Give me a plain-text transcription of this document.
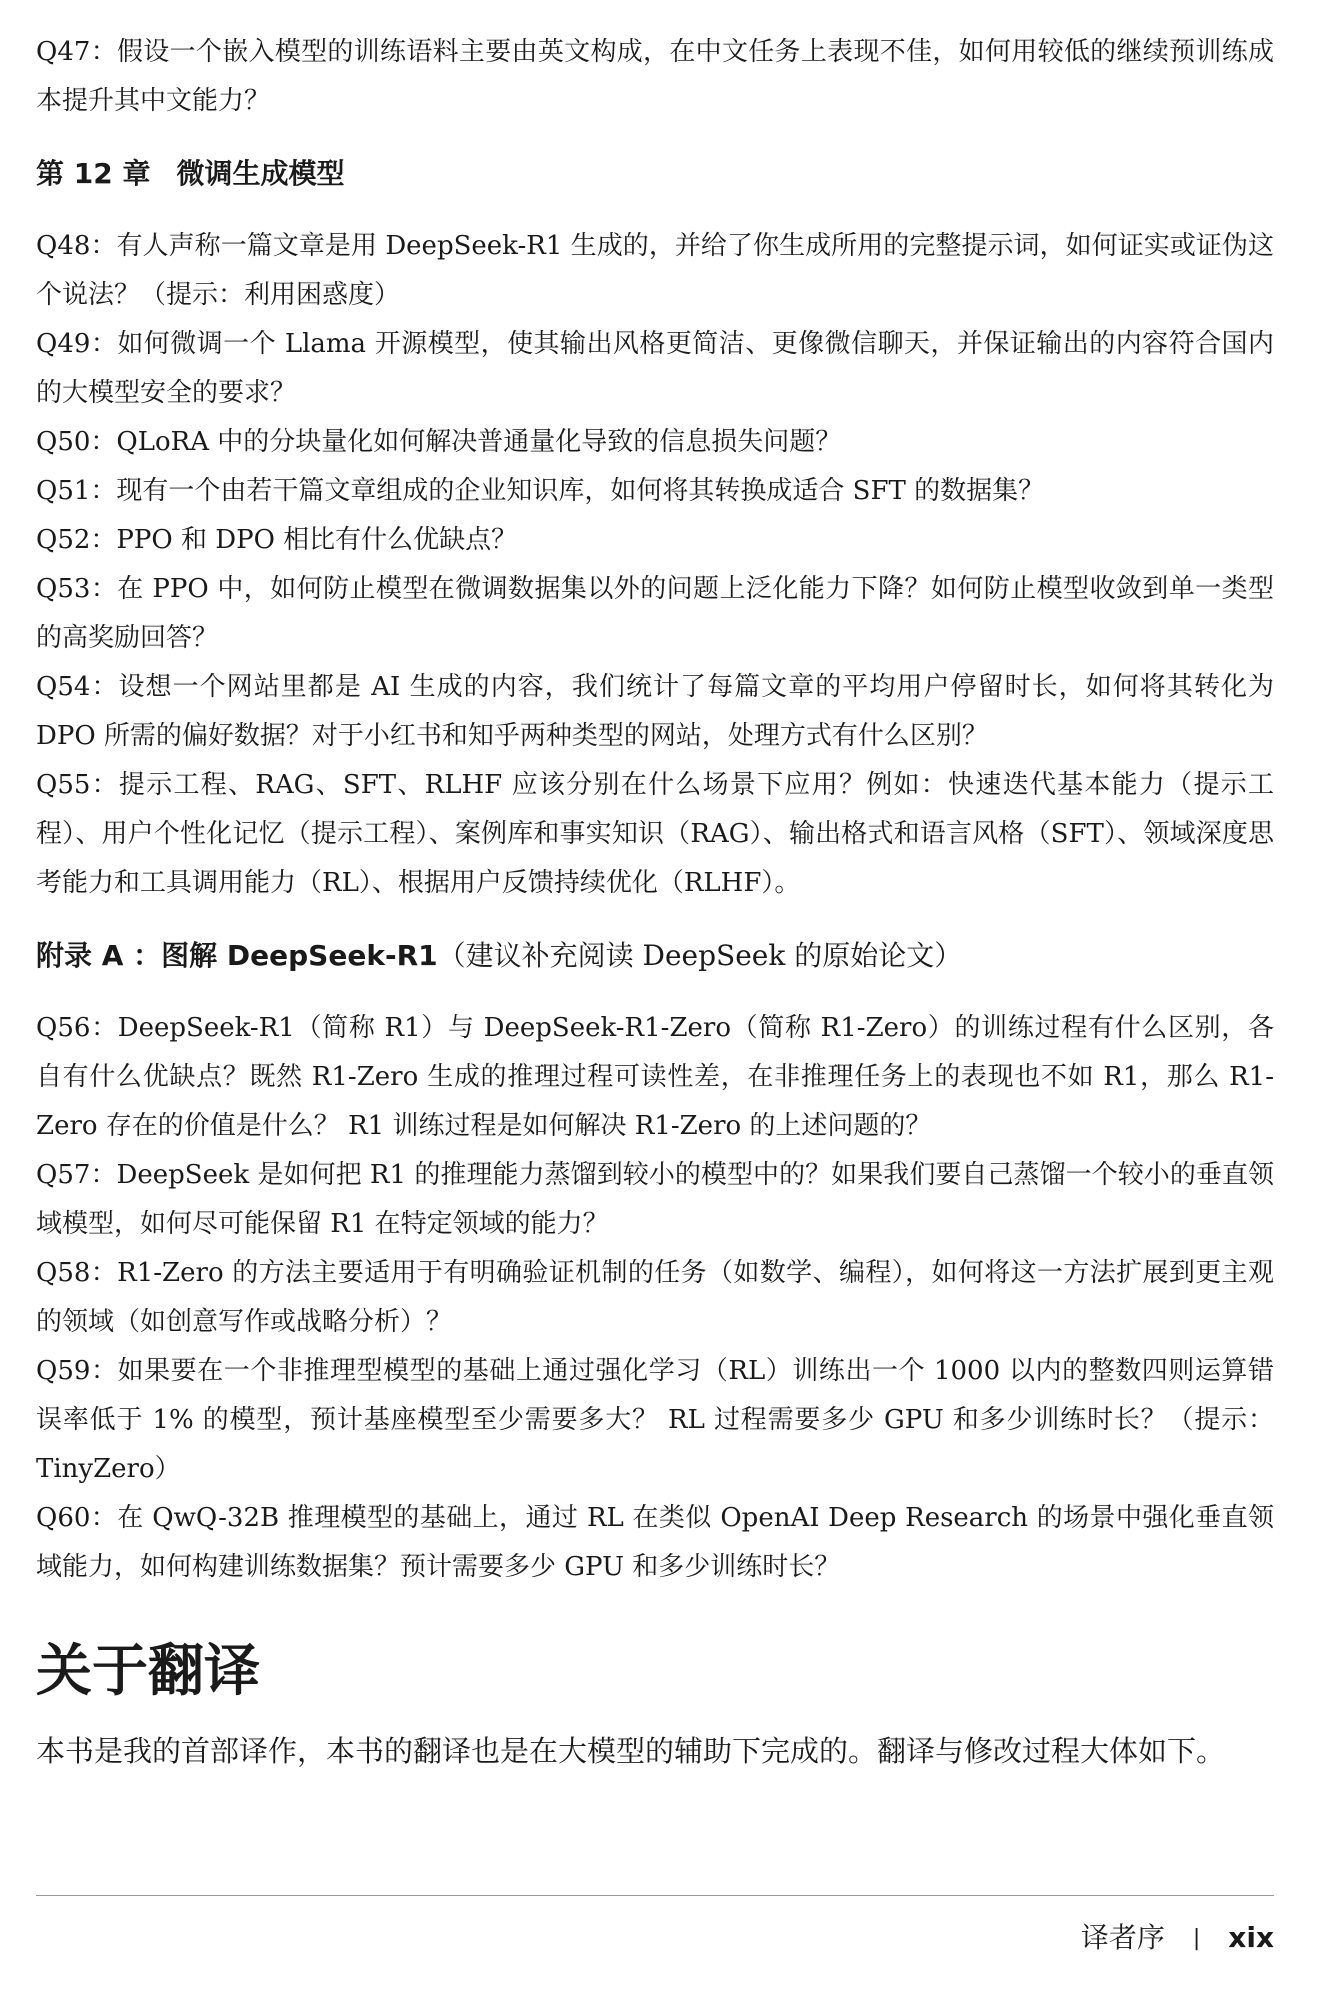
Q47：假设一个嵌入模型的训练语料主要由英文构成，在中文任务上表现不佳，如何用较低的继续预训练成本提升其中文能力？

第 12 章 微调生成模型

Q48：有人声称一篇文章是用 DeepSeek-R1 生成的，并给了你生成所用的完整提示词，如何证实或证伪这个说法？（提示：利用困惑度）

Q49：如何微调一个 Llama 开源模型，使其输出风格更简洁、更像微信聊天，并保证输出的内容符合国内的大模型安全的要求？

Q50：QLoRA 中的分块量化如何解决普通量化导致的信息损失问题？

Q51：现有一个由若干篇文章组成的企业知识库，如何将其转换成适合 SFT 的数据集？

Q52：PPO 和 DPO 相比有什么优缺点？

Q53：在 PPO 中，如何防止模型在微调数据集以外的问题上泛化能力下降？如何防止模型收敛到单一类型的高奖励回答？

Q54：设想一个网站里都是 AI 生成的内容，我们统计了每篇文章的平均用户停留时长，如何将其转化为 DPO 所需的偏好数据？对于小红书和知乎两种类型的网站，处理方式有什么区别？

Q55：提示工程、RAG、SFT、RLHF 应该分别在什么场景下应用？例如：快速迭代基本能力（提示工程）、用户个性化记忆（提示工程）、案例库和事实知识（RAG）、输出格式和语言风格（SFT）、领域深度思考能力和工具调用能力（RL）、根据用户反馈持续优化（RLHF）。

附录 A ：图解 DeepSeek-R1（建议补充阅读 DeepSeek 的原始论文）

Q56：DeepSeek-R1（简称 R1）与 DeepSeek-R1-Zero（简称 R1-Zero）的训练过程有什么区别，各自有什么优缺点？既然 R1-Zero 生成的推理过程可读性差，在非推理任务上的表现也不如 R1，那么 R1-Zero 存在的价值是什么？ R1 训练过程是如何解决 R1-Zero 的上述问题的？

Q57：DeepSeek 是如何把 R1 的推理能力蒸馏到较小的模型中的？如果我们要自己蒸馏一个较小的垂直领域模型，如何尽可能保留 R1 在特定领域的能力？

Q58：R1-Zero 的方法主要适用于有明确验证机制的任务（如数学、编程），如何将这一方法扩展到更主观的领域（如创意写作或战略分析）？

Q59：如果要在一个非推理型模型的基础上通过强化学习（RL）训练出一个 1000 以内的整数四则运算错误率低于 1% 的模型，预计基座模型至少需要多大？ RL 过程需要多少 GPU 和多少训练时长？（提示：TinyZero）

Q60：在 QwQ-32B 推理模型的基础上，通过 RL 在类似 OpenAI Deep Research 的场景中强化垂直领域能力，如何构建训练数据集？预计需要多少 GPU 和多少训练时长？

关于翻译

本书是我的首部译作，本书的翻译也是在大模型的辅助下完成的。翻译与修改过程大体如下。

译者序 | xix
